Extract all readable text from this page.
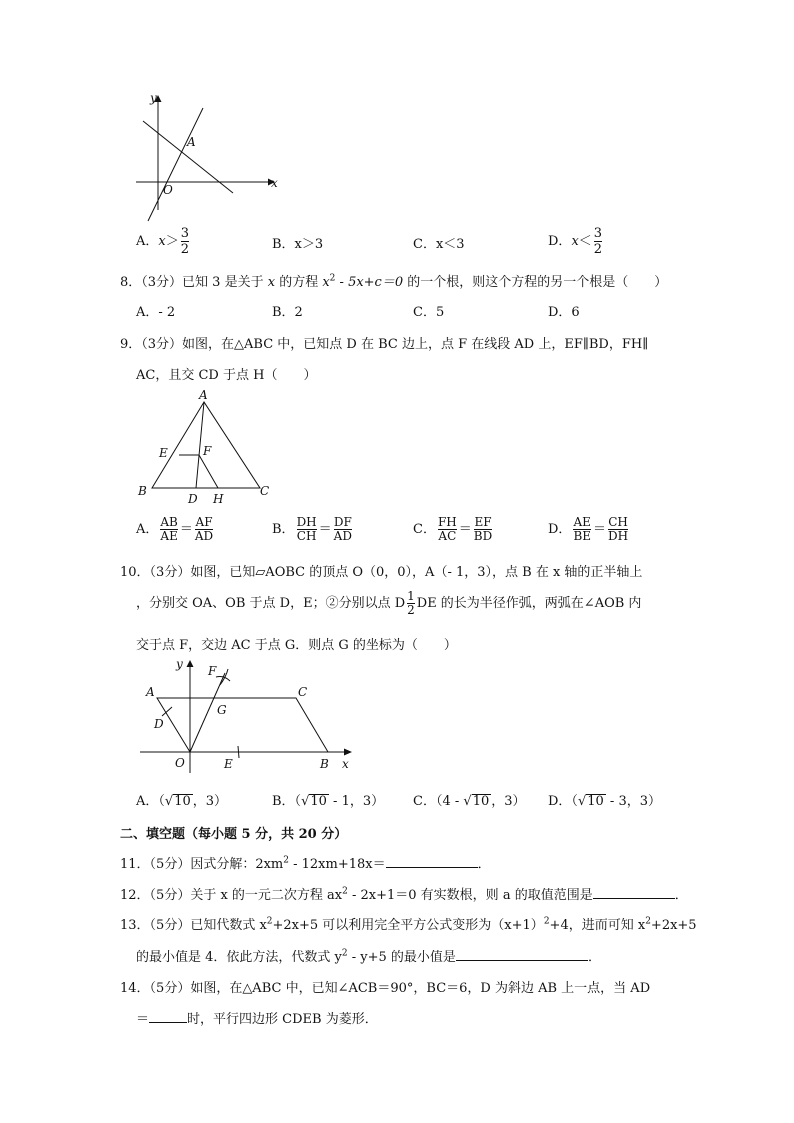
y
A
O	x
A．$x> \frac{3}{2}$	B．x＞3	C．x＜3	D．$x< \frac{3}{2}$
8．（3分）已知 3 是关于 x 的方程 $x^2 - 5x+c=0$ 的一个根，则这个方程的另一个根是（　　）
A．- 2	B．2	C．5	D．6
9．（3分）如图，在△ABC 中，已知点 D 在 BC 边上，点 F 在线段 AD 上，EF∥BD，FH∥
AC，且交 CD 于点 H（　　）
A
E	F
B
D H
C
A． $\frac{AB}{AE} = \frac{AF}{AD}$	B． $\frac{DH}{CH} = \frac{DF}{AD}$	C． $\frac{FH}{AC} = \frac{EF}{BD}$	D． $\frac{AE}{BE} = \frac{CH}{DH}$
10．（3分）如图，已知▱AOBC 的顶点 O（0，0），A（- 1，3），点 B 在 x 轴的正半轴上
，分别交 OA、OB 于点 D，E；②分别以点 D $\frac{1}{2}$ DE 的长为半径作弧，两弧在∠AOB 内
交于点 F，交边 AC 于点 G．则点 G 的坐标为（　　）
y F
A	C
G
D
O	E	B x
A．（√10 ，3）	B．（√10 - 1，3） C．（4 - √10 ，3） D．（√10 - 3，3）
二、填空题（每小题 5 分，共 20 分）
11．（5分）因式分解：$2xm^2 - 12xm+18x=$	．
12．（5分）关于 x 的一元二次方程 $ax^2 - 2x+1=0$ 有实数根，则 a 的取值范围是	．
13．（5分）已知代数式 $x^2+2x+5$ 可以利用完全平方公式变形为$(x+1)^2+4$，进而可知 $x^2+2x+5$
的最小值是 4．依此方法，代数式 $y^2 - y+5$ 的最小值是	．
14．（5分）如图，在△ABC 中，已知∠ACB＝90°，BC＝6，D 为斜边 AB 上一点，当 AD
＝	时，平行四边形 CDEB 为菱形．
